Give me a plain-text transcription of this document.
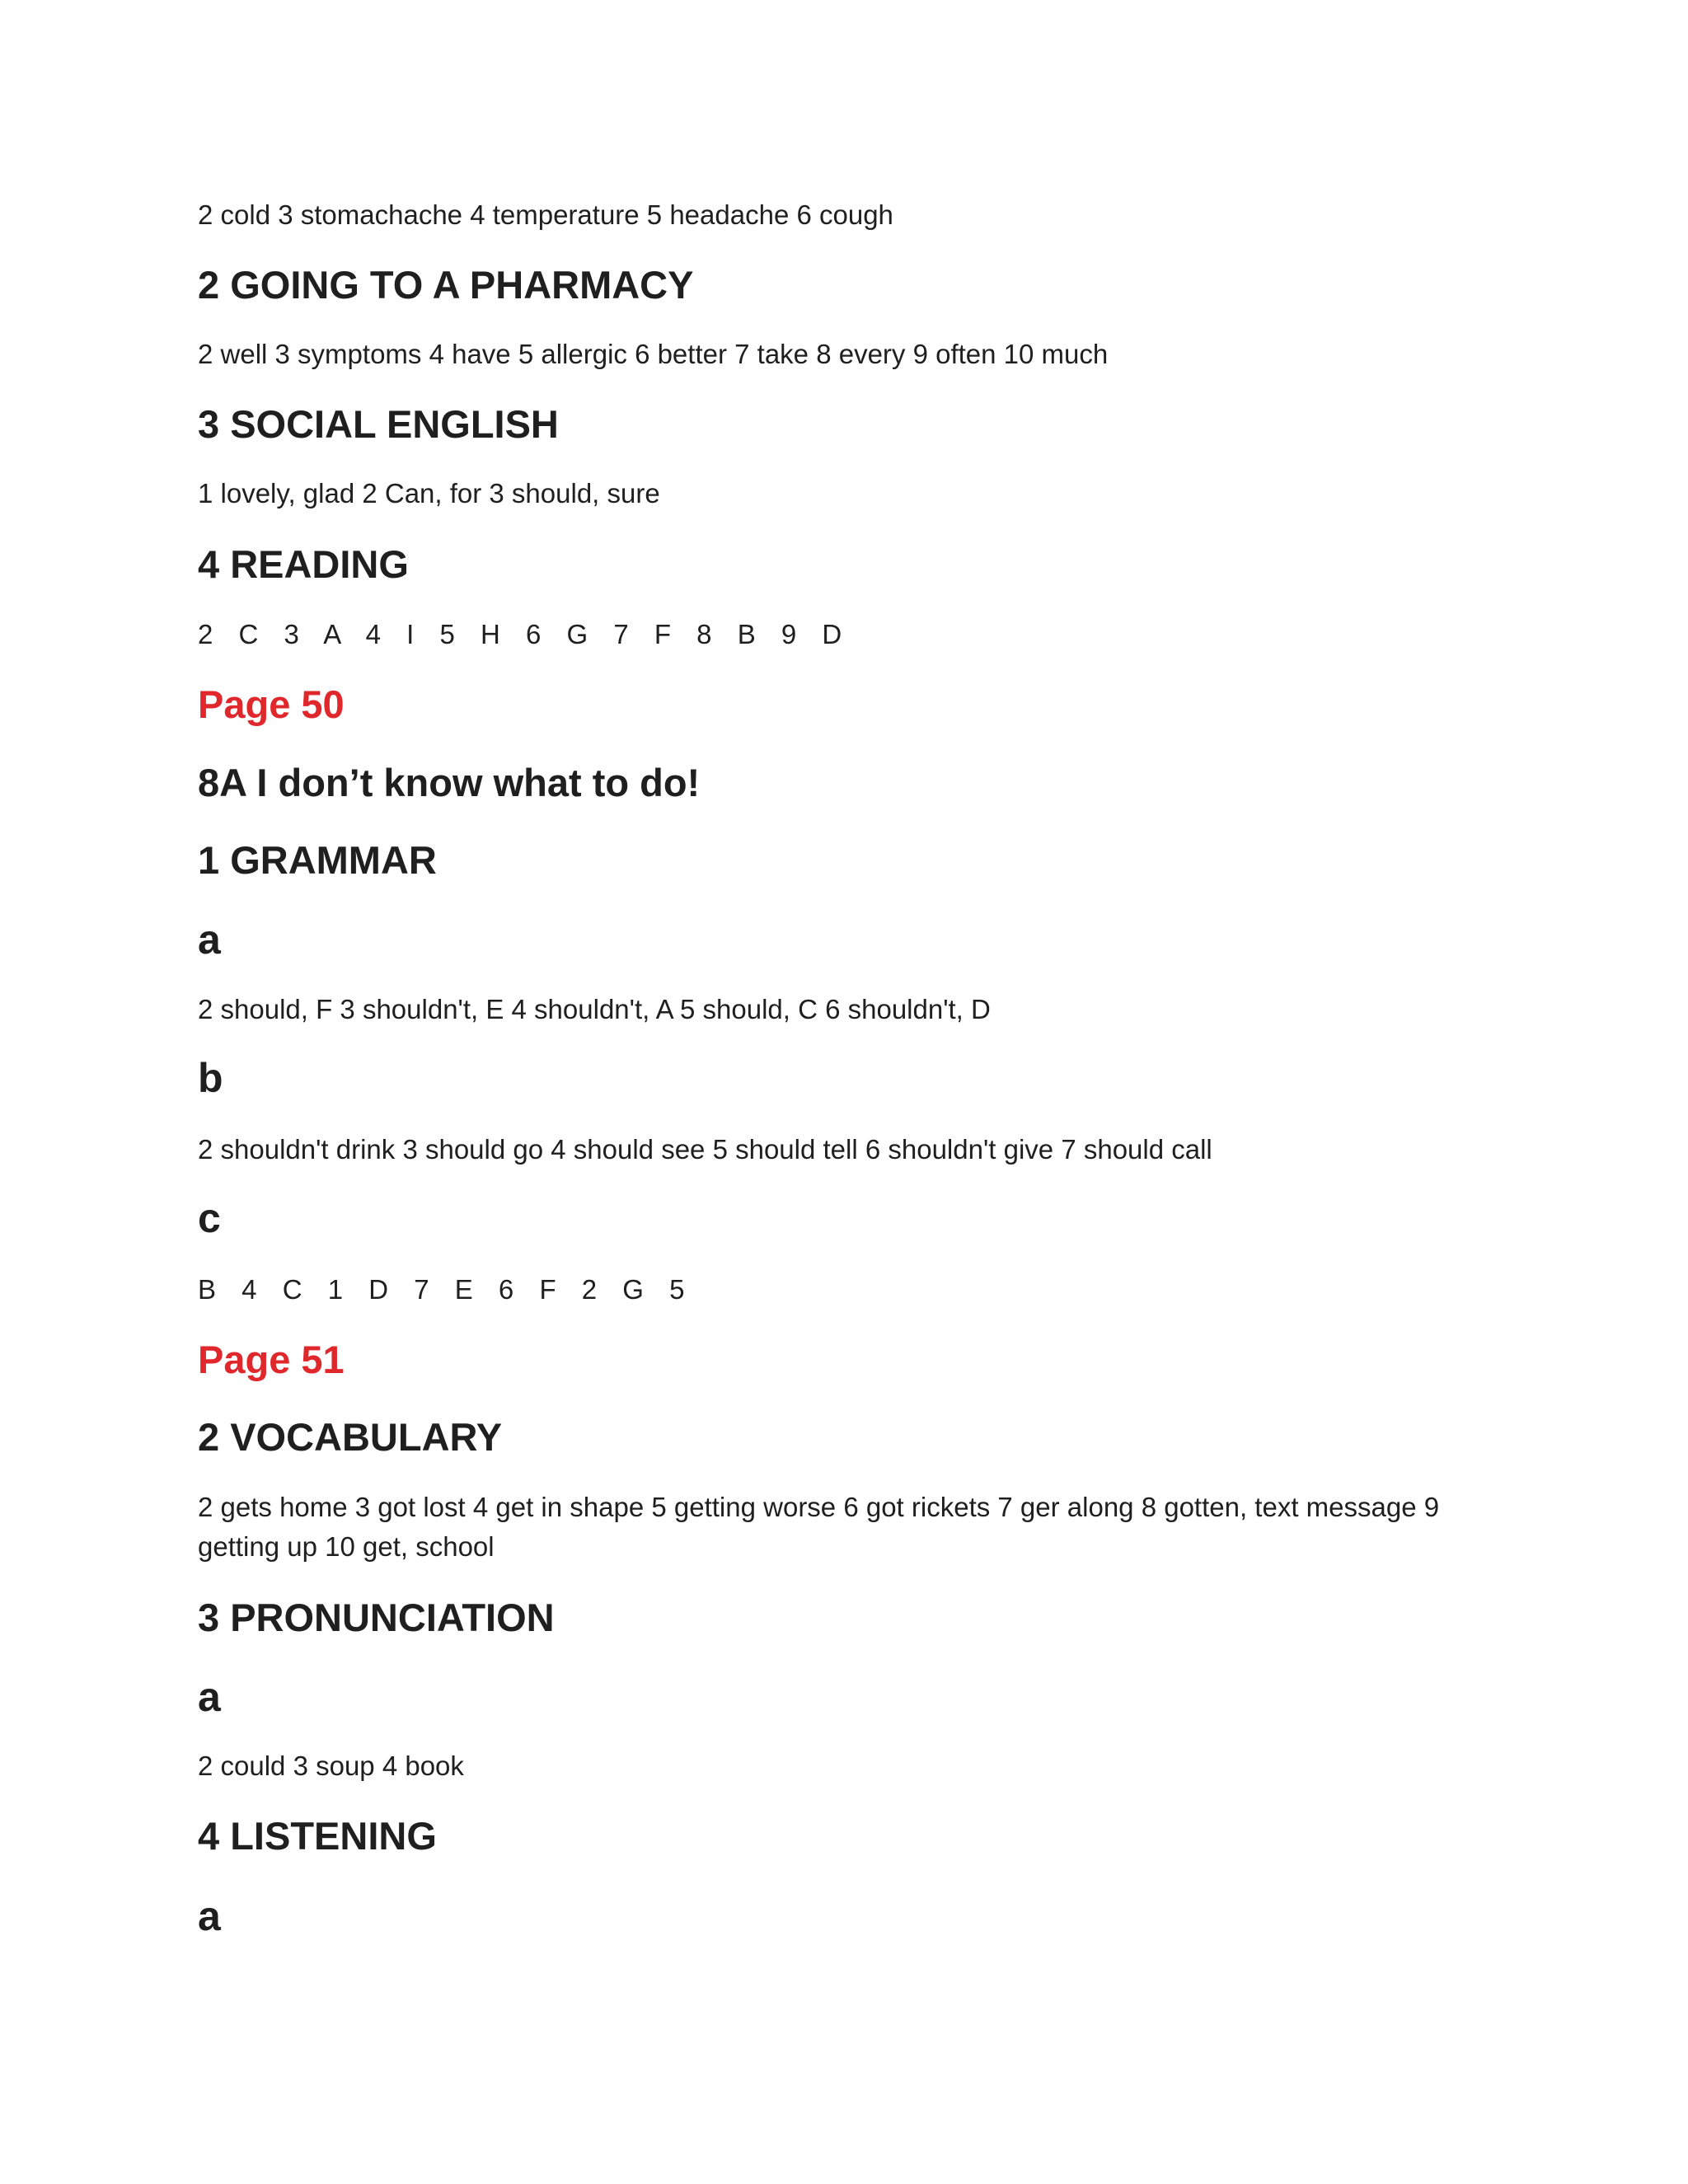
2 cold 3 stomachache 4 temperature 5 headache 6 cough

2 GOING TO A PHARMACY

2 well 3 symptoms 4 have 5 allergic 6 better 7 take 8 every 9 often 10 much

3 SOCIAL ENGLISH

1 lovely, glad 2 Can, for 3 should, sure

4 READING

2 C 3 A 4 I 5 H 6 G 7 F 8 B 9 D

Page 50
8A I don’t know what to do!
1 GRAMMAR
a

2 should, F 3 shouldn't, E 4 shouldn't, A 5 should, C 6 shouldn't, D

b

2 shouldn't drink 3 should go 4 should see 5 should tell 6 shouldn't give 7 should call

c

B 4 C 1 D 7 E 6 F 2 G 5

Page 51
2 VOCABULARY

2 gets home 3 got lost 4 get in shape 5 getting worse 6 got rickets 7 ger along 8 gotten, text message 9 getting up 10 get, school

3 PRONUNCIATION
a

2 could 3 soup 4 book

4 LISTENING
a
